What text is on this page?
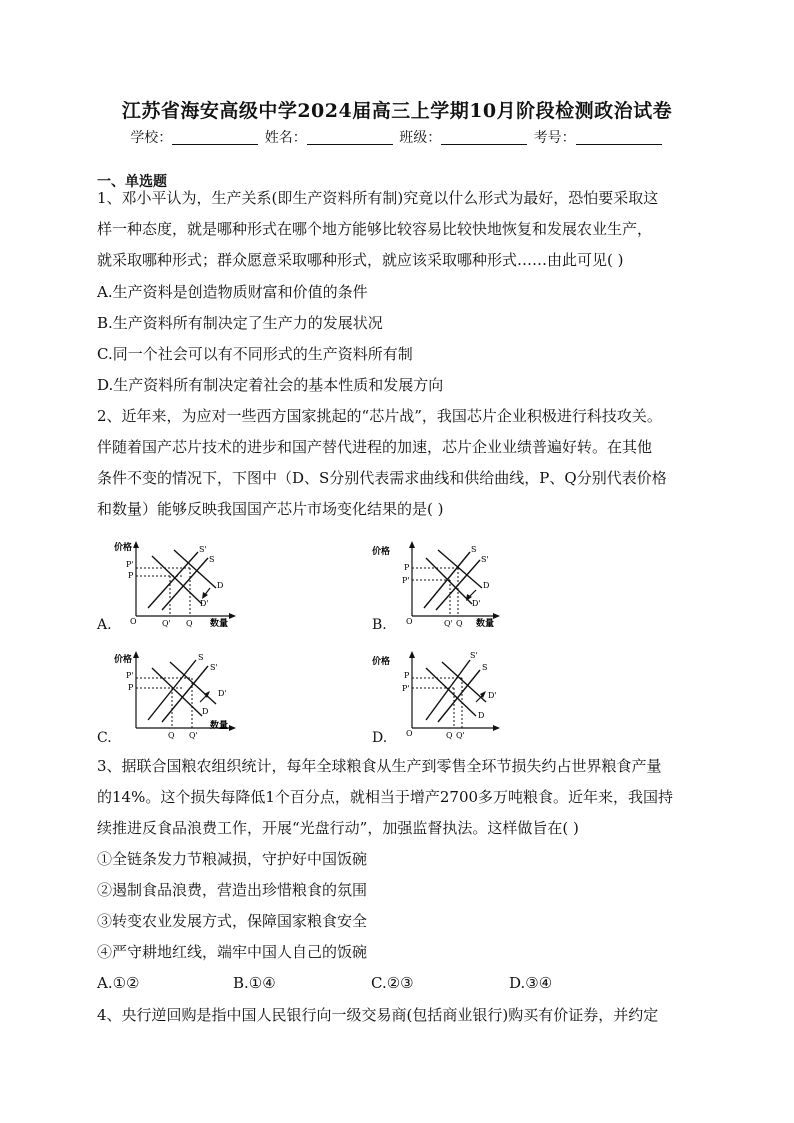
江苏省海安高级中学2024届高三上学期10月阶段检测政治试卷
学校：	姓名：	班级：	考号：
一、单选题
1、邓小平认为，生产关系(即生产资料所有制)究竟以什么形式为最好，恐怕要采取这
样一种态度，就是哪种形式在哪个地方能够比较容易比较快地恢复和发展农业生产，
就采取哪种形式；群众愿意采取哪种形式，就应该采取哪种形式……由此可见( )
A.生产资料是创造物质财富和价值的条件
B.生产资料所有制决定了生产力的发展状况
C.同一个社会可以有不同形式的生产资料所有制
D.生产资料所有制决定着社会的基本性质和发展方向
2、近年来，为应对一些西方国家挑起的“芯片战”，我国芯片企业积极进行科技攻关。
伴随着国产芯片技术的进步和国产替代进程的加速，芯片企业业绩普遍好转。在其他
条件不变的情况下，下图中（D、S分别代表需求曲线和供给曲线，P、Q分别代表价格
和数量）能够反映我国国产芯片市场变化结果的是( )
A.
价格
数量
O
P'
P
Q' Q
S'
S
D
D'
B.
价格
数量
O
P
P'
Q' Q
S
S'
D
D'
C.
价格
数量
P'
P
Q Q'
S
S'
D'
D
D.
价格
O
P
P'
Q Q'
S'
S
D'
D
3、据联合国粮农组织统计，每年全球粮食从生产到零售全环节损失约占世界粮食产量
的14%。这个损失每降低1个百分点，就相当于增产2700多万吨粮食。近年来，我国持
续推进反食品浪费工作，开展“光盘行动”，加强监督执法。这样做旨在( )
①全链条发力节粮减损，守护好中国饭碗
②遏制食品浪费，营造出珍惜粮食的氛围
③转变农业发展方式，保障国家粮食安全
④严守耕地红线，端牢中国人自己的饭碗
A.①②	B.①④	C.②③	D.③④
4、央行逆回购是指中国人民银行向一级交易商(包括商业银行)购买有价证券，并约定
